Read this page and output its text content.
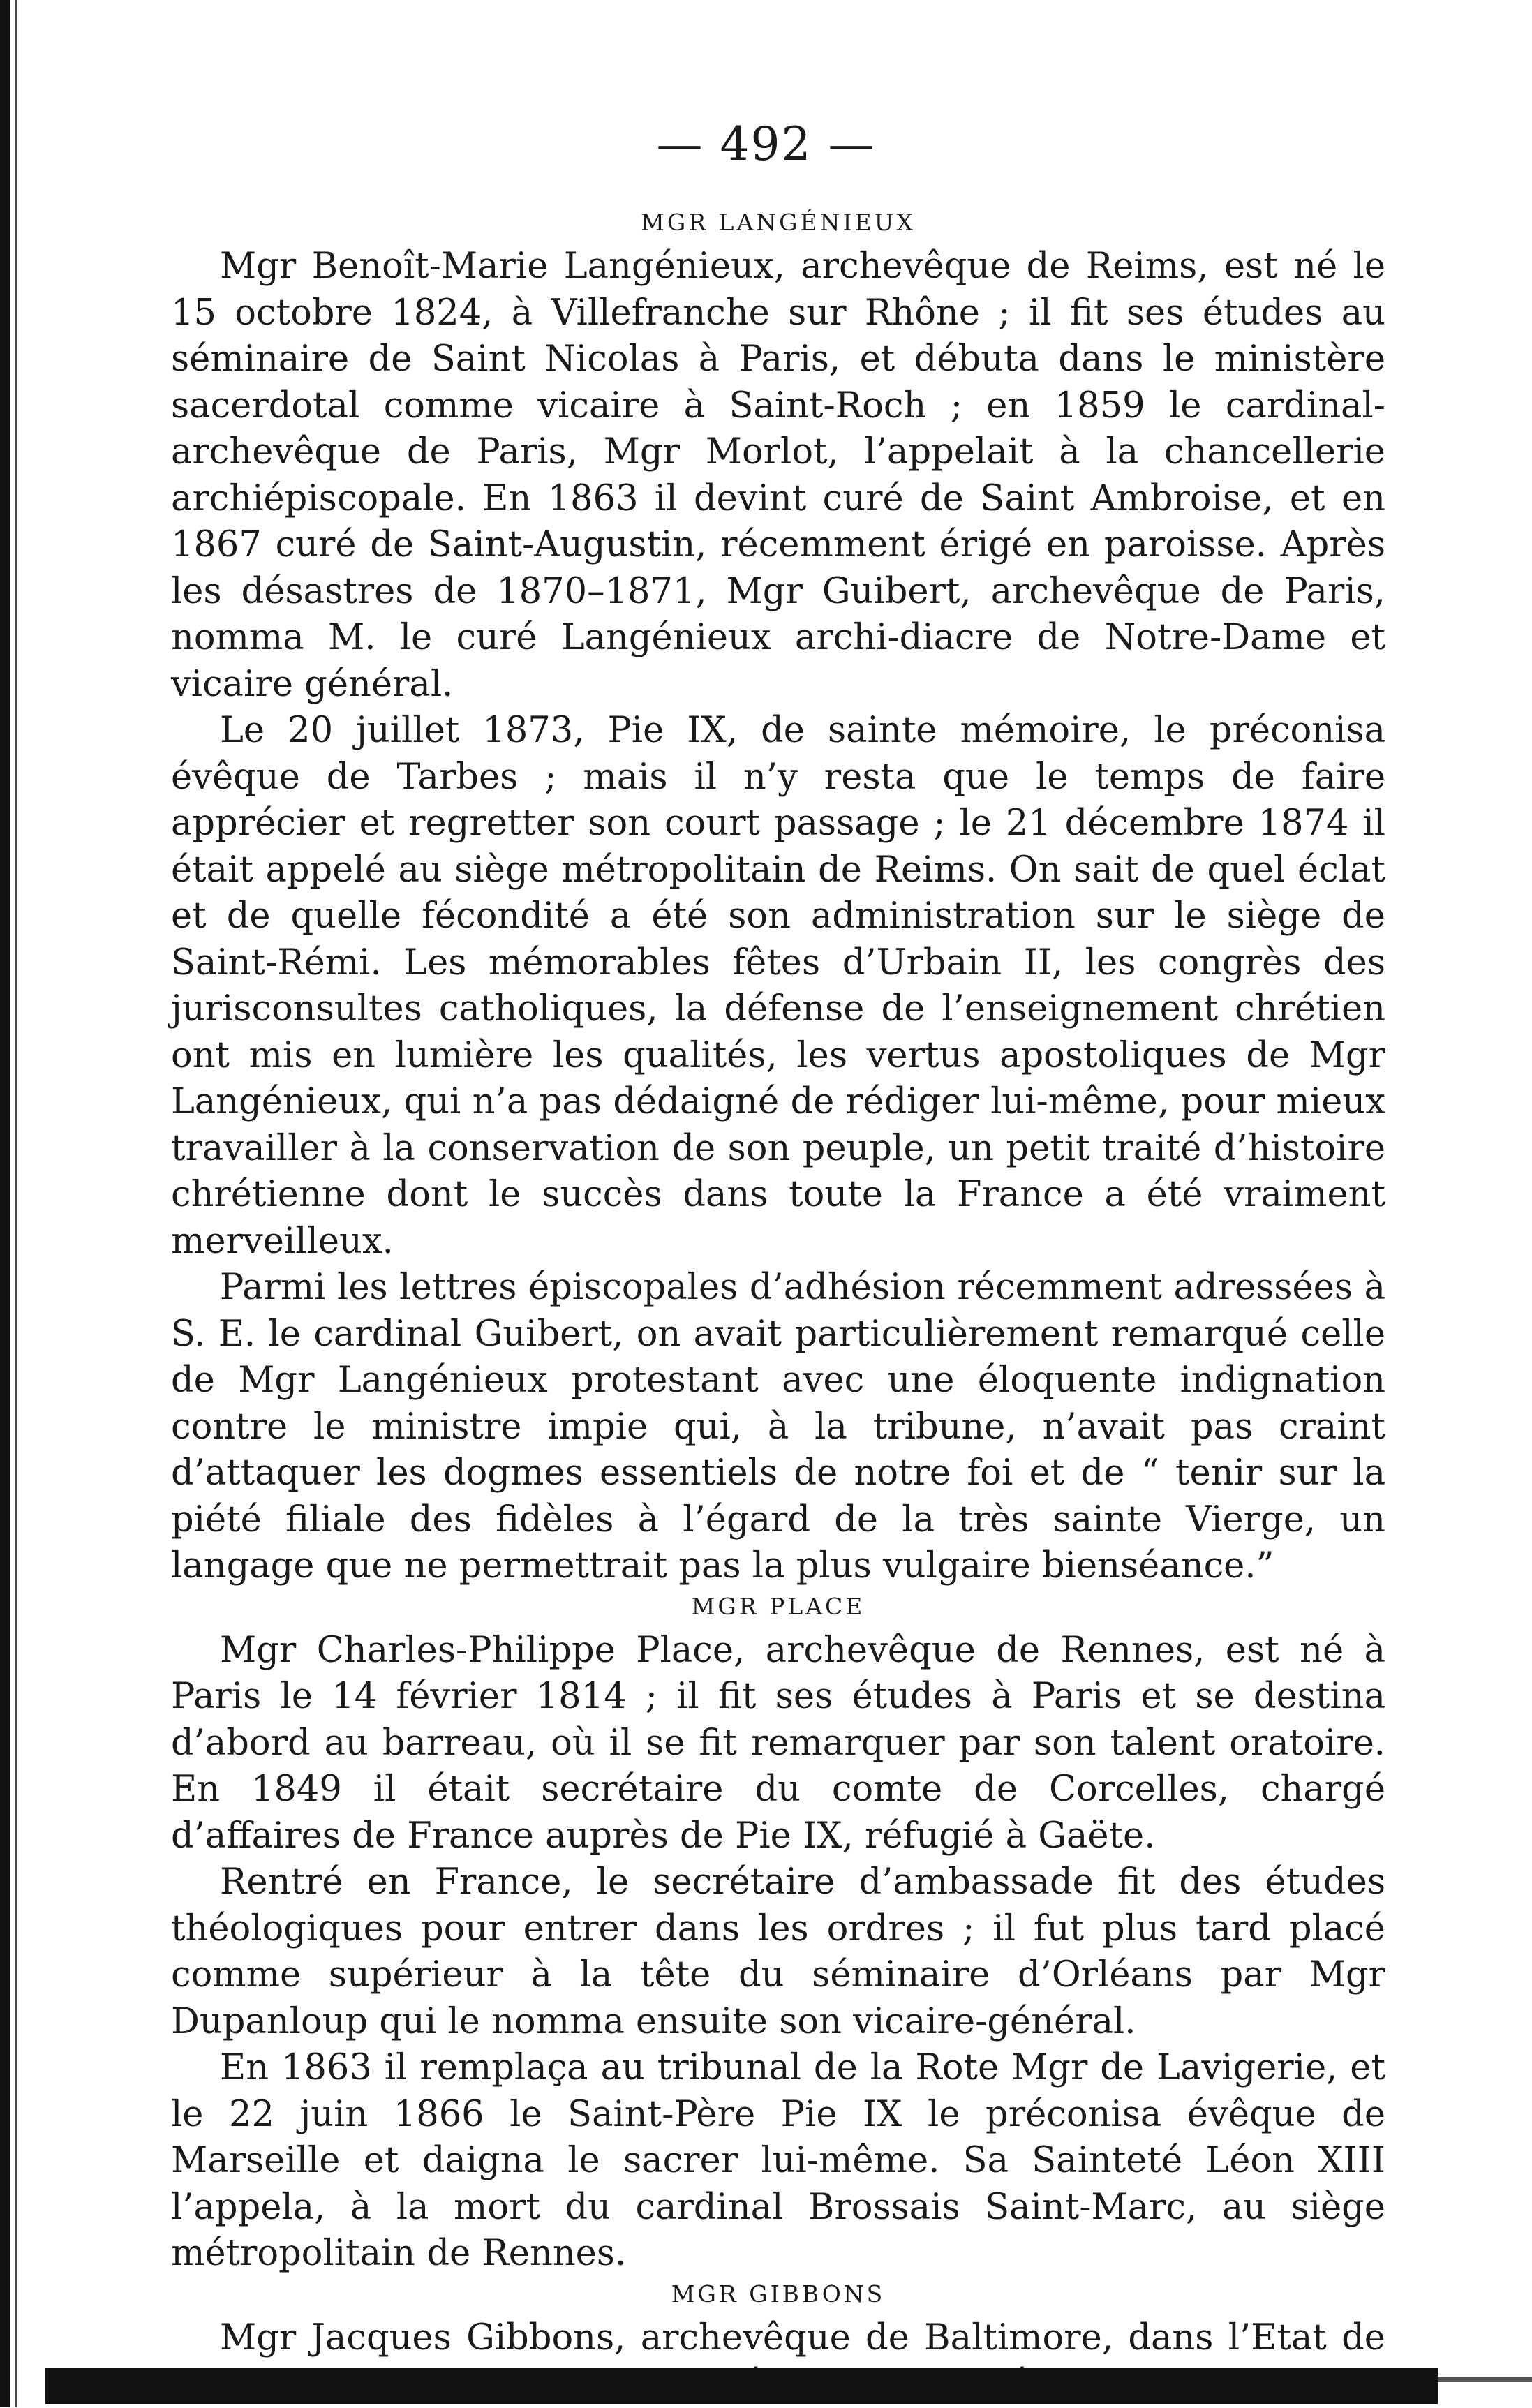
— 492 —
MGR LANGÉNIEUX

Mgr Benoît-Marie Langénieux, archevêque de Reims, est né le 15 octobre 1824, à Villefranche sur Rhône ; il fit ses études au séminaire de Saint Nicolas à Paris, et débuta dans le ministère sacerdotal comme vicaire à Saint-Roch ; en 1859 le cardinal-archevêque de Paris, Mgr Morlot, l’appelait à la chancellerie archiépiscopale. En 1863 il devint curé de Saint Ambroise, et en 1867 curé de Saint-Augustin, récemment érigé en paroisse. Après les désastres de 1870–1871, Mgr Guibert, archevêque de Paris, nomma M. le curé Langénieux archi-diacre de Notre-Dame et vicaire général.

Le 20 juillet 1873, Pie IX, de sainte mémoire, le préconisa évêque de Tarbes ; mais il n’y resta que le temps de faire apprécier et regretter son court passage ; le 21 décembre 1874 il était appelé au siège métropolitain de Reims. On sait de quel éclat et de quelle fécondité a été son administration sur le siège de Saint-Rémi. Les mémorables fêtes d’Urbain II, les congrès des jurisconsultes catholiques, la défense de l’enseignement chrétien ont mis en lumière les qualités, les vertus apostoliques de Mgr Langénieux, qui n’a pas dédaigné de rédiger lui-même, pour mieux travailler à la conservation de son peuple, un petit traité d’histoire chrétienne dont le succès dans toute la France a été vraiment merveilleux.

Parmi les lettres épiscopales d’adhésion récemment adressées à S. E. le cardinal Guibert, on avait particulièrement remarqué celle de Mgr Langénieux protestant avec une éloquente indignation contre le ministre impie qui, à la tribune, n’avait pas craint d’attaquer les dogmes essentiels de notre foi et de “ tenir sur la piété filiale des fidèles à l’égard de la très sainte Vierge, un langage que ne permettrait pas la plus vulgaire bienséance.”

MGR PLACE

Mgr Charles-Philippe Place, archevêque de Rennes, est né à Paris le 14 février 1814 ; il fit ses études à Paris et se destina d’abord au barreau, où il se fit remarquer par son talent oratoire. En 1849 il était secrétaire du comte de Corcelles, chargé d’affaires de France auprès de Pie IX, réfugié à Gaëte.

Rentré en France, le secrétaire d’ambassade fit des études théologiques pour entrer dans les ordres ; il fut plus tard placé comme supérieur à la tête du séminaire d’Orléans par Mgr Dupanloup qui le nomma ensuite son vicaire-général.

En 1863 il remplaça au tribunal de la Rote Mgr de Lavigerie, et le 22 juin 1866 le Saint-Père Pie IX le préconisa évêque de Marseille et daigna le sacrer lui-même. Sa Sainteté Léon XIII l’appela, à la mort du cardinal Brossais Saint-Marc, au siège métropolitain de Rennes.

MGR GIBBONS

Mgr Jacques Gibbons, archevêque de Baltimore, dans l’Etat de
